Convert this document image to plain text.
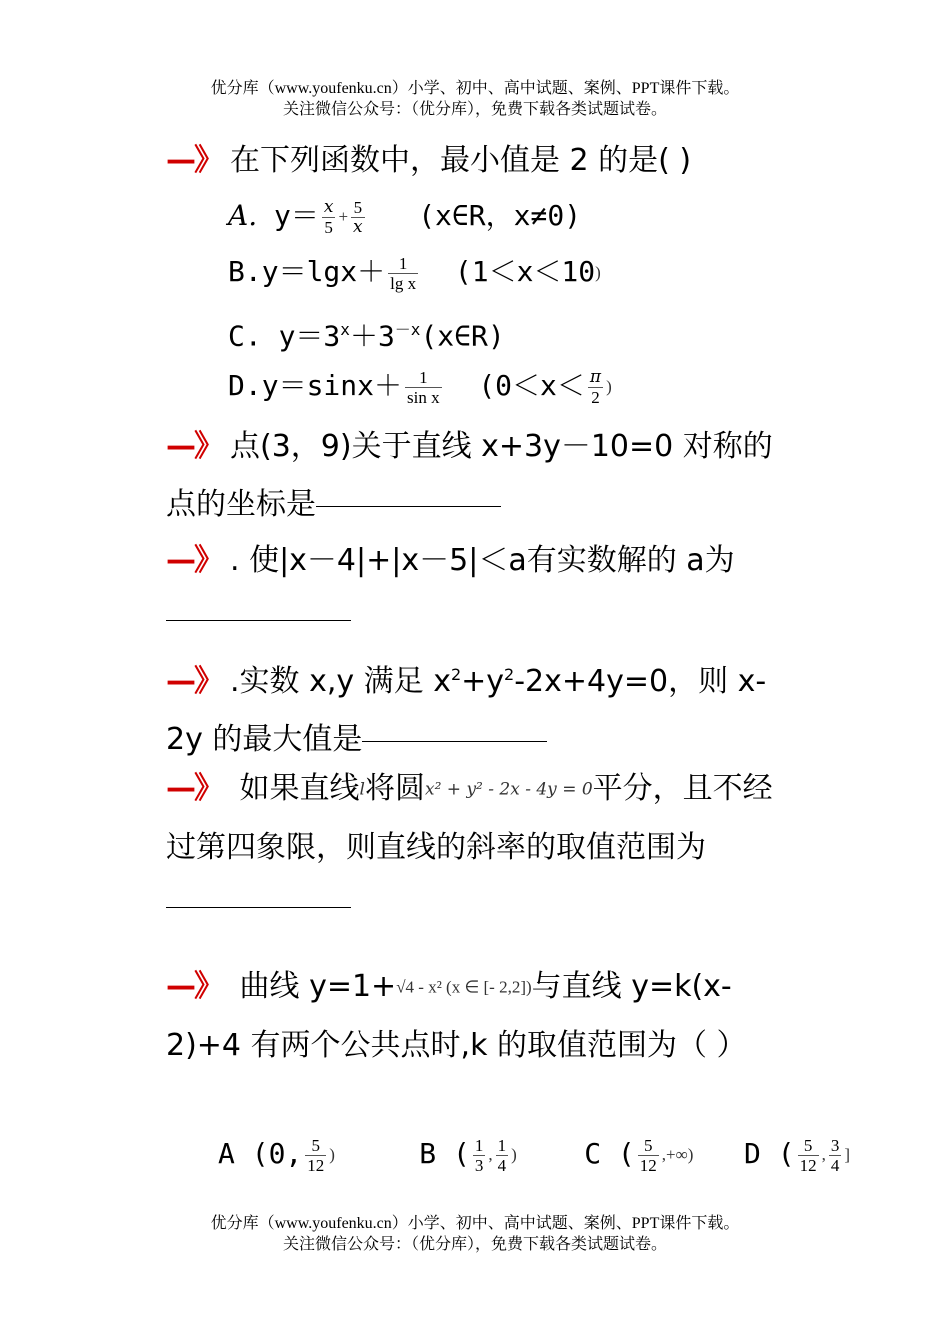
优分库（www.youfenku.cn）小学、初中、高中试题、案例、PPT课件下载。
关注微信公众号：（优分库），免费下载各类试题试卷。
—》 在下列函数中，最小值是 2 的是( )
A. $y= \frac{x}{5} + \frac{5}{x}$ (x∈R，x≠0)
$B.y=\lg x+ \frac{1}{\text{lg x}} (1<x<10)$
C. $y=3^x+3^{-x}(x\in R)$
$D.y=\sin x+ \frac{1}{\text{sin x}} (0<x< \frac{\pi}{2}$ )
—》 点(3，9)关于直线 x+3y－10=0 对称的点的坐标是
—》 . 使|x－4|+|x－5|＜a有实数解的 a为

—》 .实数 x,y 满足 $x^2+y^2-2x+4y=0$，则 x-2y 的最大值是
—》 如果直线l将圆x² + y² - 2x - 4y = 0平分，且不经过第四象限，则直线的斜率的取值范围为
—》 曲线 y=1+√4 - x² (x ∈ [- 2,2])与直线 y=k(x-2)+4 有两个公共点时,k 的取值范围为（ ）
A (0, $\frac{5}{12}$ )	B ( $\frac{1}{3}$ , $\frac{1}{4}$ ) C ( $\frac{5}{12}$ ,+∞) D ( $\frac{5}{12}$ , $\frac{3}{4}$ ]
优分库（www.youfenku.cn）小学、初中、高中试题、案例、PPT课件下载。
关注微信公众号：（优分库），免费下载各类试题试卷。
